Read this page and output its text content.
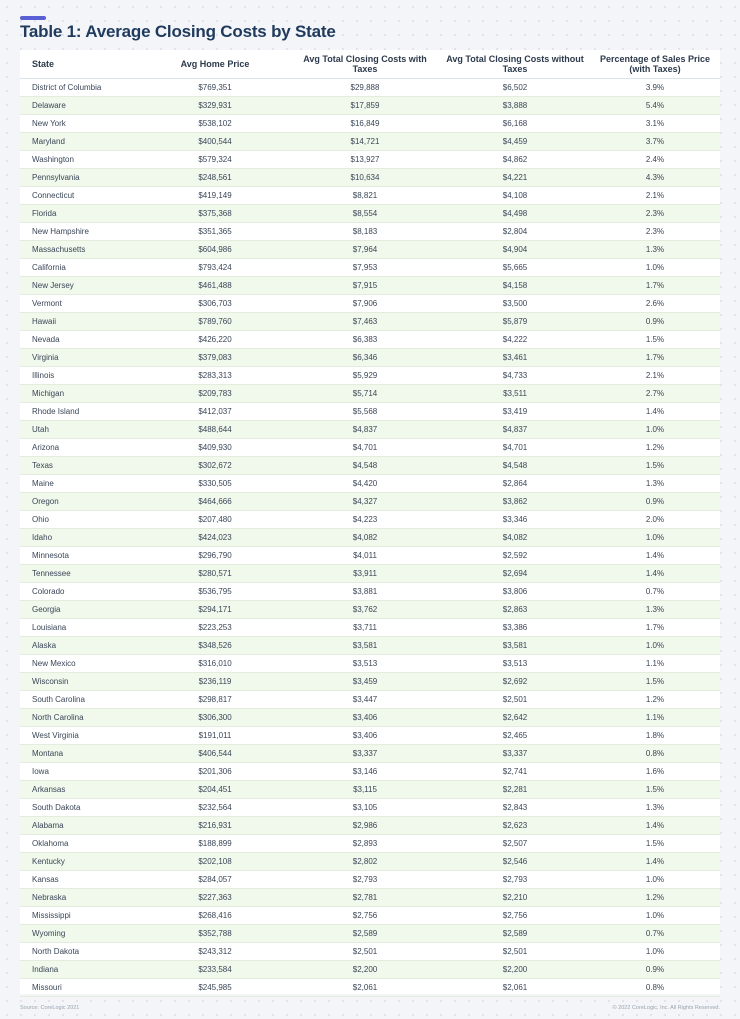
Table 1: Average Closing Costs by State
State	Avg Home Price	Avg Total Closing Costs with Taxes	Avg Total Closing Costs without Taxes	Percentage of Sales Price (with Taxes)
District of Columbia	$769,351	$29,888	$6,502	3.9%
Delaware	$329,931	$17,859	$3,888	5.4%
New York	$538,102	$16,849	$6,168	3.1%
Maryland	$400,544	$14,721	$4,459	3.7%
Washington	$579,324	$13,927	$4,862	2.4%
Pennsylvania	$248,561	$10,634	$4,221	4.3%
Connecticut	$419,149	$8,821	$4,108	2.1%
Florida	$375,368	$8,554	$4,498	2.3%
New Hampshire	$351,365	$8,183	$2,804	2.3%
Massachusetts	$604,986	$7,964	$4,904	1.3%
California	$793,424	$7,953	$5,665	1.0%
New Jersey	$461,488	$7,915	$4,158	1.7%
Vermont	$306,703	$7,906	$3,500	2.6%
Hawaii	$789,760	$7,463	$5,879	0.9%
Nevada	$426,220	$6,383	$4,222	1.5%
Virginia	$379,083	$6,346	$3,461	1.7%
Illinois	$283,313	$5,929	$4,733	2.1%
Michigan	$209,783	$5,714	$3,511	2.7%
Rhode Island	$412,037	$5,568	$3,419	1.4%
Utah	$488,644	$4,837	$4,837	1.0%
Arizona	$409,930	$4,701	$4,701	1.2%
Texas	$302,672	$4,548	$4,548	1.5%
Maine	$330,505	$4,420	$2,864	1.3%
Oregon	$464,666	$4,327	$3,862	0.9%
Ohio	$207,480	$4,223	$3,346	2.0%
Idaho	$424,023	$4,082	$4,082	1.0%
Minnesota	$296,790	$4,011	$2,592	1.4%
Tennessee	$280,571	$3,911	$2,694	1.4%
Colorado	$536,795	$3,881	$3,806	0.7%
Georgia	$294,171	$3,762	$2,863	1.3%
Louisiana	$223,253	$3,711	$3,386	1.7%
Alaska	$348,526	$3,581	$3,581	1.0%
New Mexico	$316,010	$3,513	$3,513	1.1%
Wisconsin	$236,119	$3,459	$2,692	1.5%
South Carolina	$298,817	$3,447	$2,501	1.2%
North Carolina	$306,300	$3,406	$2,642	1.1%
West Virginia	$191,011	$3,406	$2,465	1.8%
Montana	$406,544	$3,337	$3,337	0.8%
Iowa	$201,306	$3,146	$2,741	1.6%
Arkansas	$204,451	$3,115	$2,281	1.5%
South Dakota	$232,564	$3,105	$2,843	1.3%
Alabama	$216,931	$2,986	$2,623	1.4%
Oklahoma	$188,899	$2,893	$2,507	1.5%
Kentucky	$202,108	$2,802	$2,546	1.4%
Kansas	$284,057	$2,793	$2,793	1.0%
Nebraska	$227,363	$2,781	$2,210	1.2%
Mississippi	$268,416	$2,756	$2,756	1.0%
Wyoming	$352,788	$2,589	$2,589	0.7%
North Dakota	$243,312	$2,501	$2,501	1.0%
Indiana	$233,584	$2,200	$2,200	0.9%
Missouri	$245,985	$2,061	$2,061	0.8%
Source: CoreLogic 2021	© 2022 CoreLogic, Inc. All Rights Reserved.
